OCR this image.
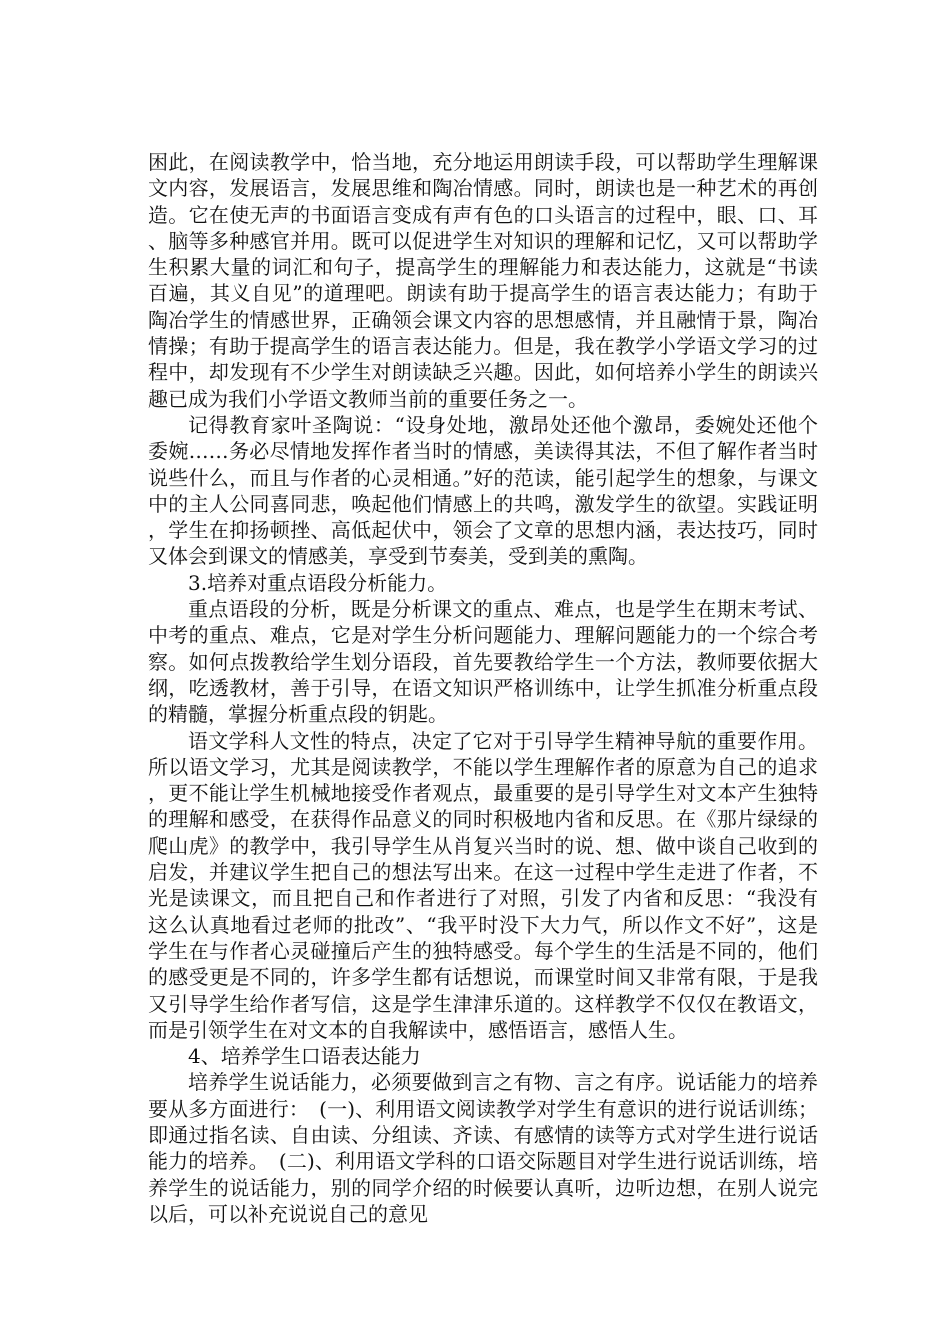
困此，在阅读教学中，恰当地，充分地运用朗读手段，可以帮助学生理解课文内容，发展语言，发展思维和陶冶情感。同时，朗读也是一种艺术的再创造。它在使无声的书面语言变成有声有色的口头语言的过程中，眼、口、耳、脑等多种感官并用。既可以促进学生对知识的理解和记忆，又可以帮助学生积累大量的词汇和句子，提高学生的理解能力和表达能力，这就是“书读百遍，其义自见”的道理吧。朗读有助于提高学生的语言表达能力；有助于陶冶学生的情感世界，正确领会课文内容的思想感情，并且融情于景，陶冶情操；有助于提高学生的语言表达能力。但是，我在教学小学语文学习的过程中，却发现有不少学生对朗读缺乏兴趣。因此，如何培养小学生的朗读兴趣已成为我们小学语文教师当前的重要任务之一。

记得教育家叶圣陶说：“设身处地，激昂处还他个激昂，委婉处还他个委婉……务必尽情地发挥作者当时的情感，美读得其法，不但了解作者当时说些什么，而且与作者的心灵相通。”好的范读，能引起学生的想象，与课文中的主人公同喜同悲，唤起他们情感上的共鸣，激发学生的欲望。实践证明，学生在抑扬顿挫、高低起伏中，领会了文章的思想内涵，表达技巧，同时又体会到课文的情感美，享受到节奏美，受到美的熏陶。

3.培养对重点语段分析能力。

重点语段的分析，既是分析课文的重点、难点，也是学生在期末考试、中考的重点、难点，它是对学生分析问题能力、理解问题能力的一个综合考察。如何点拨教给学生划分语段，首先要教给学生一个方法，教师要依据大纲，吃透教材，善于引导，在语文知识严格训练中，让学生抓准分析重点段的精髓，掌握分析重点段的钥匙。

语文学科人文性的特点，决定了它对于引导学生精神导航的重要作用。所以语文学习，尤其是阅读教学，不能以学生理解作者的原意为自己的追求，更不能让学生机械地接受作者观点，最重要的是引导学生对文本产生独特的理解和感受，在获得作品意义的同时积极地内省和反思。在《那片绿绿的爬山虎》的教学中，我引导学生从肖复兴当时的说、想、做中谈自己收到的启发，并建议学生把自己的想法写出来。在这一过程中学生走进了作者，不光是读课文，而且把自己和作者进行了对照，引发了内省和反思：“我没有这么认真地看过老师的批改”、“我平时没下大力气，所以作文不好”，这是学生在与作者心灵碰撞后产生的独特感受。每个学生的生活是不同的，他们的感受更是不同的，许多学生都有话想说，而课堂时间又非常有限，于是我又引导学生给作者写信，这是学生津津乐道的。这样教学不仅仅在教语文，而是引领学生在对文本的自我解读中，感悟语言，感悟人生。

4、培养学生口语表达能力

培养学生说话能力，必须要做到言之有物、言之有序。说话能力的培养要从多方面进行：　(一)、利用语文阅读教学对学生有意识的进行说话训练；即通过指名读、自由读、分组读、齐读、有感情的读等方式对学生进行说话能力的培养。　(二)、利用语文学科的口语交际题目对学生进行说话训练，培养学生的说话能力，别的同学介绍的时候要认真听，边听边想，在别人说完以后，可以补充说说自己的意见
